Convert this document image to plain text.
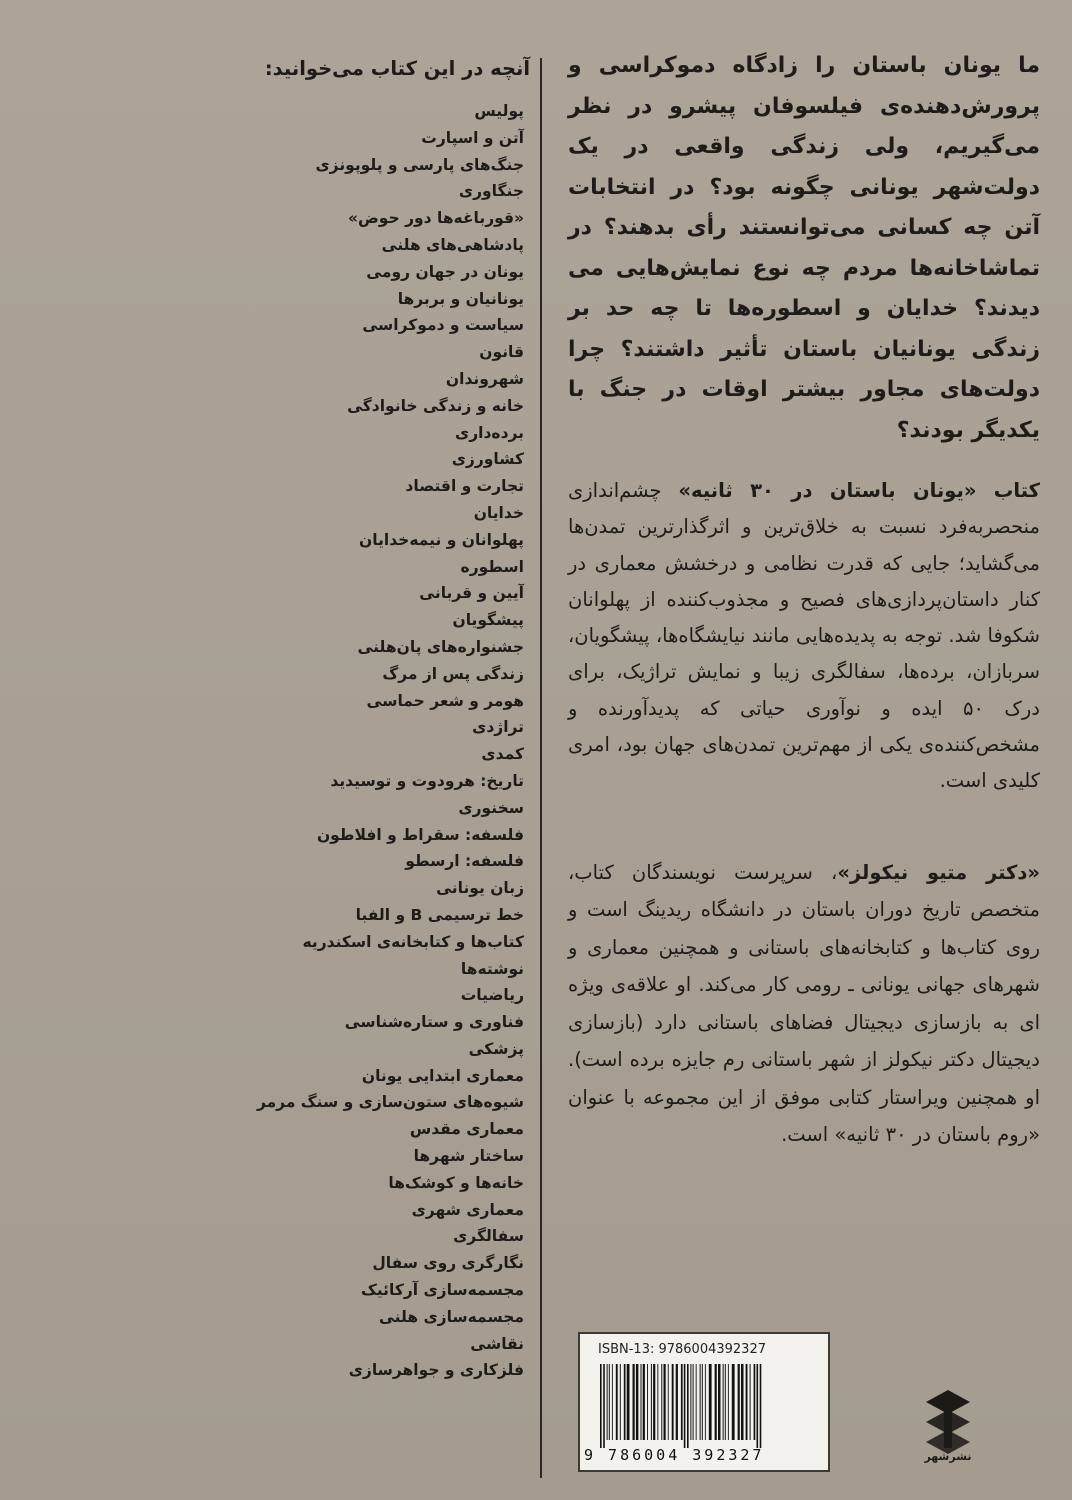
ما یونان باستان را زادگاه دموکراسی و پرورش‌دهنده‌ی فیلسوفان پیشرو در نظر می‌گیریم، ولی زندگی واقعی در یک دولت‌شهر یونانی چگونه بود؟ در انتخابات آتن چه کسانی می‌توانستند رأی بدهند؟ در تماشاخانه‌ها مردم چه نوع نمایش‌هایی می دیدند؟ خدایان و اسطوره‌ها تا چه حد بر زندگی یونانیان باستان تأثیر داشتند؟ چرا دولت‌های مجاور بیشتر اوقات در جنگ با یکدیگر بودند؟

کتاب «یونان باستان در ۳۰ ثانیه» چشم‌اندازی منحصربه‌فرد نسبت به خلاق‌ترین و اثرگذارترین تمدن‌ها می‌گشاید؛ جایی که قدرت نظامی و درخشش معماری در کنار داستان‌پردازی‌های فصیح و مجذوب‌کننده از پهلوانان شکوفا شد. توجه به پدیده‌هایی مانند نیایشگاه‌ها، پیشگویان، سربازان، برده‌ها، سفالگری زیبا و نمایش تراژیک، برای درک ۵۰ ایده و نوآوری حیاتی که پدیدآورنده و مشخص‌کننده‌ی یکی از مهم‌ترین تمدن‌های جهان بود، امری کلیدی است.

«دکتر متیو نیکولز»، سرپرست نویسندگان کتاب، متخصص تاریخ دوران باستان در دانشگاه ریدینگ است و روی کتاب‌ها و کتابخانه‌های باستانی و همچنین معماری و شهرهای جهانی یونانی ـ رومی کار می‌کند. او علاقه‌ی ویژه ای به بازسازی دیجیتال فضاهای باستانی دارد (بازسازی دیجیتال دکتر نیکولز از شهر باستانی رم جایزه برده است). او همچنین ویراستار کتابی موفق از این مجموعه با عنوان «روم باستان در ۳۰ ثانیه» است.

آنچه در این کتاب می‌خوانید:
پولیس
آتن و اسپارت
جنگ‌های پارسی و پلوپونزی
جنگاوری
«قورباغه‌ها دور حوض»
پادشاهی‌های هلنی
یونان در جهان رومی
یونانیان و بربرها
سیاست و دموکراسی
قانون
شهروندان
خانه و زندگی خانوادگی
برده‌داری
کشاورزی
تجارت و اقتصاد
خدایان
پهلوانان و نیمه‌خدایان
اسطوره
آیین و قربانی
پیشگویان
جشنواره‌های پان‌هلنی
زندگی پس از مرگ
هومر و شعر حماسی
تراژدی
کمدی
تاریخ: هرودوت و توسیدید
سخنوری
فلسفه: سقراط و افلاطون
فلسفه: ارسطو
زبان یونانی
خط ترسیمی B و الفبا
کتاب‌ها و کتابخانه‌ی اسکندریه
نوشته‌ها
ریاضیات
فناوری و ستاره‌شناسی
پزشکی
معماری ابتدایی یونان
شیوه‌های ستون‌سازی و سنگ مرمر
معماری مقدس
ساختار شهرها
خانه‌ها و کوشک‌ها
معماری شهری
سفالگری
نگارگری روی سفال
مجسمه‌سازی آرکائیک
مجسمه‌سازی هلنی
نقاشی
فلزکاری و جواهرسازی
ISBN-13: 9786004392327
9 786004 392327	نشرشهر
